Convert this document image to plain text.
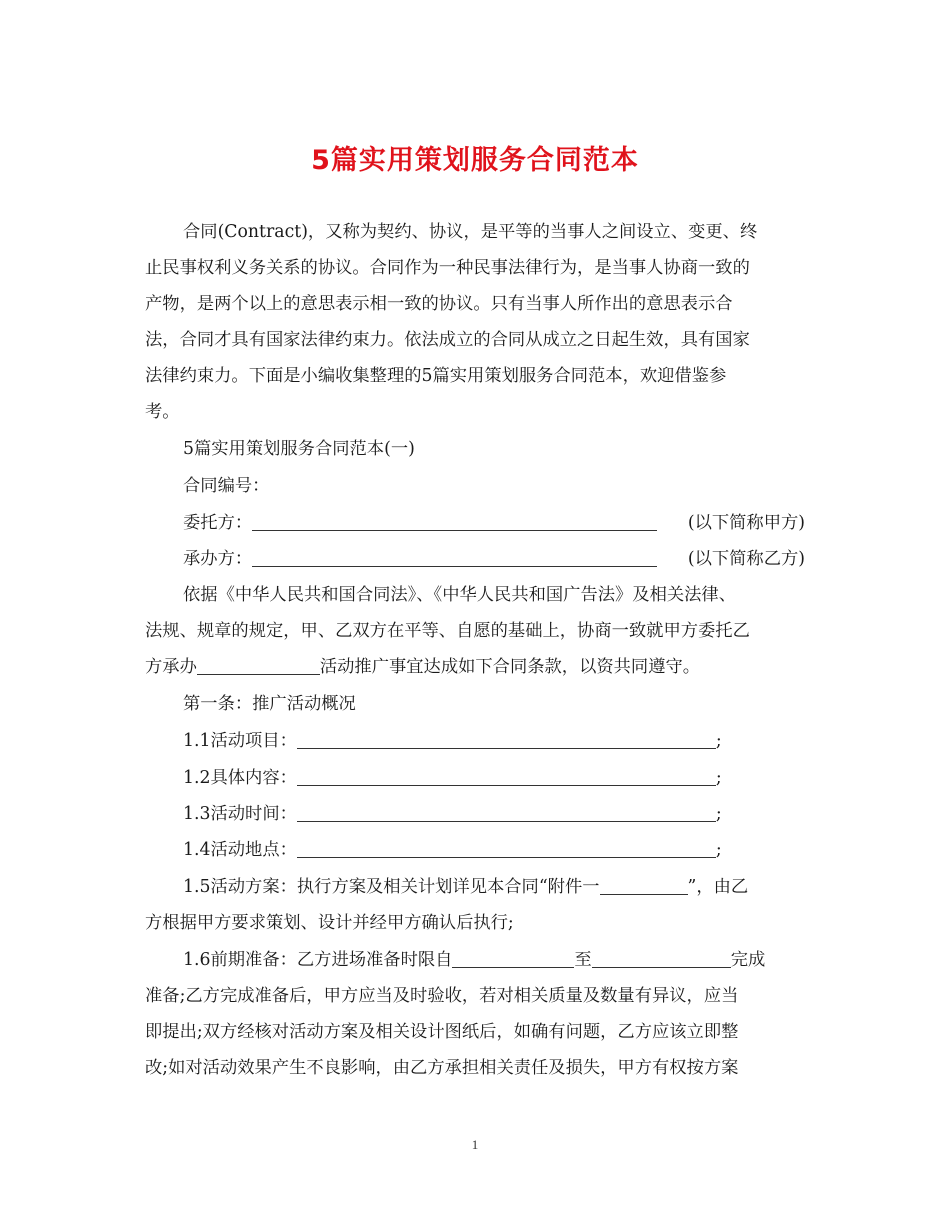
5篇实用策划服务合同范本
合同(Contract)，又称为契约、协议，是平等的当事人之间设立、变更、终
止民事权利义务关系的协议。合同作为一种民事法律行为，是当事人协商一致的
产物，是两个以上的意思表示相一致的协议。只有当事人所作出的意思表示合
法，合同才具有国家法律约束力。依法成立的合同从成立之日起生效，具有国家
法律约束力。下面是小编收集整理的5篇实用策划服务合同范本，欢迎借鉴参
考。
5篇实用策划服务合同范本(一)
合同编号：
委托方：	(以下简称甲方)
承办方：	(以下简称乙方)
依据《中华人民共和国合同法》、《中华人民共和国广告法》及相关法律、
法规、规章的规定，甲、乙双方在平等、自愿的基础上，协商一致就甲方委托乙
方承办	活动推广事宜达成如下合同条款，以资共同遵守。
第一条：推广活动概况
1.1活动项目：	;
1.2具体内容：	;
1.3活动时间：	;
1.4活动地点：	;
1.5活动方案：执行方案及相关计划详见本合同“附件一	”，由乙
方根据甲方要求策划、设计并经甲方确认后执行;
1.6前期准备：乙方进场准备时限自	至	完成
准备;乙方完成准备后，甲方应当及时验收，若对相关质量及数量有异议，应当
即提出;双方经核对活动方案及相关设计图纸后，如确有问题，乙方应该立即整
改;如对活动效果产生不良影响，由乙方承担相关责任及损失，甲方有权按方案
1
